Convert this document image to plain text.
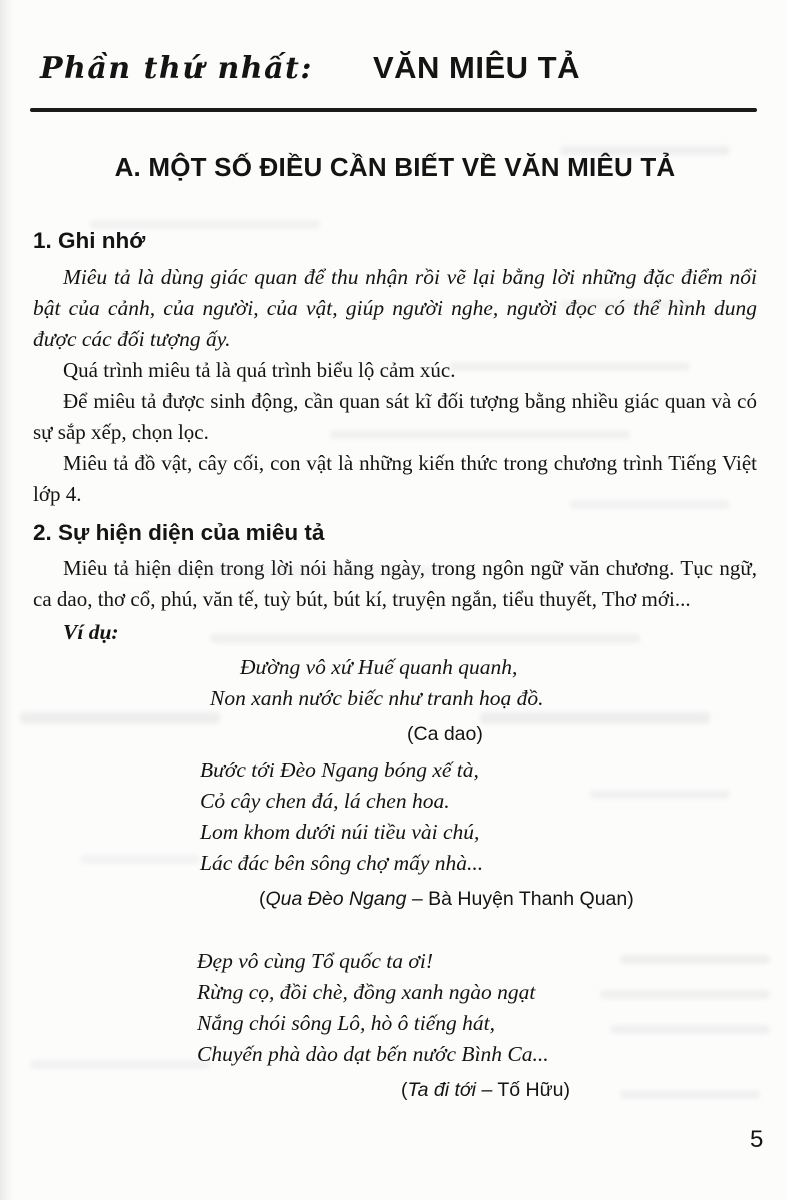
Phần thứ nhất: VĂN MIÊU TẢ
A. MỘT SỐ ĐIỀU CẦN BIẾT VỀ VĂN MIÊU TẢ
1. Ghi nhớ

Miêu tả là dùng giác quan để thu nhận rồi vẽ lại bằng lời những đặc điểm nổi bật của cảnh, của người, của vật, giúp người nghe, người đọc có thể hình dung được các đối tượng ấy.

Quá trình miêu tả là quá trình biểu lộ cảm xúc.

Để miêu tả được sinh động, cần quan sát kĩ đối tượng bằng nhiều giác quan và có sự sắp xếp, chọn lọc.

Miêu tả đồ vật, cây cối, con vật là những kiến thức trong chương trình Tiếng Việt lớp 4.

2. Sự hiện diện của miêu tả

Miêu tả hiện diện trong lời nói hằng ngày, trong ngôn ngữ văn chương. Tục ngữ, ca dao, thơ cổ, phú, văn tế, tuỳ bút, bút kí, truyện ngắn, tiểu thuyết, Thơ mới...

Ví dụ:

Đường vô xứ Huế quanh quanh,
Non xanh nước biếc như tranh hoạ đồ.
(Ca dao)
Bước tới Đèo Ngang bóng xế tà,
Cỏ cây chen đá, lá chen hoa.
Lom khom dưới núi tiều vài chú,
Lác đác bên sông chợ mấy nhà...
(Qua Đèo Ngang – Bà Huyện Thanh Quan)
Đẹp vô cùng Tổ quốc ta ơi!
Rừng cọ, đồi chè, đồng xanh ngào ngạt
Nắng chói sông Lô, hò ô tiếng hát,
Chuyến phà dào dạt bến nước Bình Ca...
(Ta đi tới – Tố Hữu)
5
